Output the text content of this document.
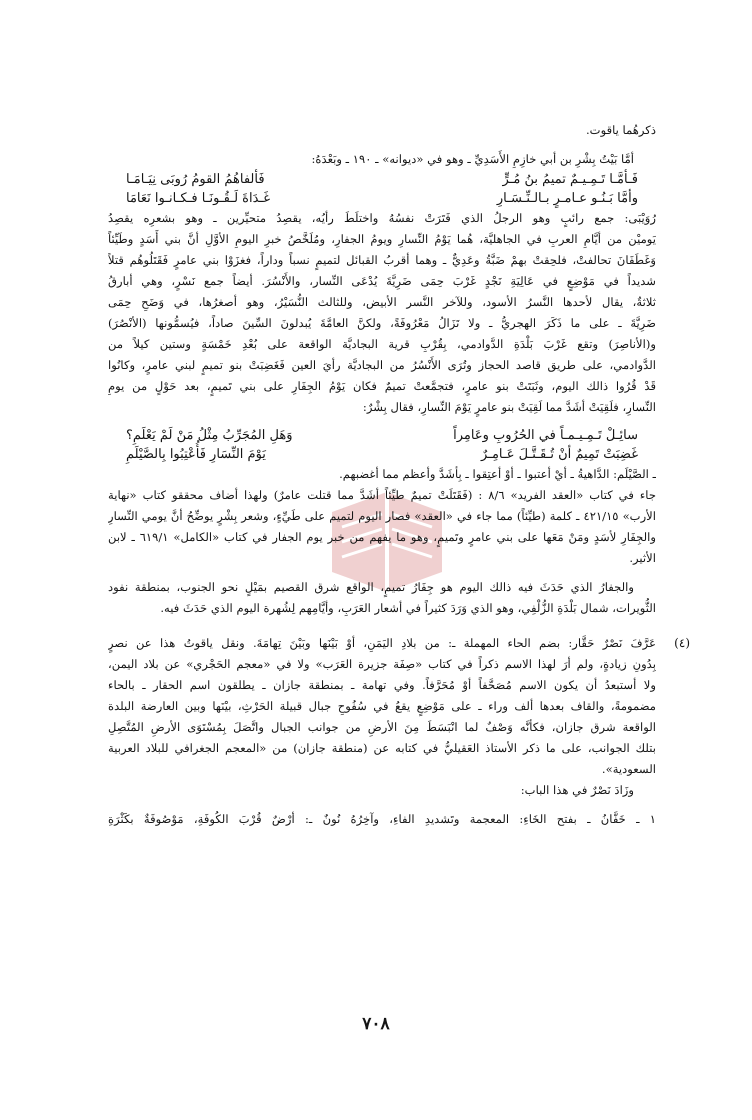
ذكرهُما ياقوت.
أمَّا بَيْتُ بِشْرِ بن أبي خازِمِ الأَسَدِيِّ ـ وهو في «ديوانه» ـ ١٩٠ ـ وبَعْدَهُ:
فَـأمَّـا تَـمِـيـمٌ تميمُ بنُ مُـرٍّ
فَألفاهُمُ القومُ رُوبَى نِيَـامَـا
وأمَّا بَـنُـو عـامـرٍ بـالـنِّـسَـارِ
غَـدَاةَ لَـقُـونَـا فـكـانـوا نَعَامَا
رُوَيْبَى: جمع رائبٍ وهو الرجلُ الذي فَتَرَتْ نفسُهُ واختلَطَ رأيُه، يقصِدُ متحيِّرين ـ وهو بشعرِه يقصِدُ
يَوميْن من أيَّامِ العربِ في الجاهليَّة، هُما يَوْمُ النِّسارِ ويومُ الجفارِ، ومُلَخَّصُ خبرِ اليومِ الأوَّلِ أنَّ بني أَسَدٍ وطَيِّئاً
وَغَطَفَانَ تحالفتْ، فلحِقتْ بهمْ ضَبَّةُ وعَدِيٌّ ـ وهما أقربُ القبائل لتميمٍ نسباً وداراً، فغزَوْا بني عامرٍ فَقَتَلُوهُم قتلاً
شديداً في مَوْضِعٍ في عَالِيَةِ نَجْدٍ غَرْبَ حِمَى ضَرِيَّةَ يُدْعَى النِّسار، والأَنْسُرَ. أيضاً جمع نَسْرٍ، وهي أبارقُ
ثلاثةٌ، يقال لأحدها النَّسرُ الأسود، وللآخر النَّسر الأبيض، وللثالث النُّسَيْرُ، وهو أصغرُها، في وَضَحِ حِمَى
ضَرِيَّةَ ـ على ما ذَكَرَ الهجريُّ ـ ولا تَزَالُ مَعْرُوفَةً، ولكنَّ العامَّةَ يُبدلونَ السِّينَ صاداً، فيُسمُّونها (الأنْصُرَ)
و(الأناصِرَ) وتقع غَرْبَ بَلْدَةِ الدَّوادمي، بِقُرْبِ قرية البجاديَّة الواقعة على بُعْدِ خَمْسَةٍ وستين كيلاً من
الدَّوادمي، على طريق قاصد الحجاز وتُرَى الأَنْسُرُ من البجاديَّة رأيَ العين فَغَضِبَتْ بنو تميمٍ لبني عامرٍ، وكانُوا
قَدْ قُرُوا ذالك اليوم، وثَبَتَتْ بنو عامرٍ، فتجمَّعتْ تميمٌ فكان يَوْمُ الجِفَارِ على بني تَميمٍ، بعد حَوْلٍ من يومِ
النِّسارِ، فلَقِيَتْ أشَدَّ مما لَقِيَتْ بنو عامرٍ يَوْمَ النِّسارِ، فقال بِشْرٌ:
سائِـلْ تَـمِـيـمـاً في الحُرُوبِ وعَامِراً
وَهَلِ المُجَرِّبُ مِثْلُ مَنْ لَمْ يَعْلَمِ؟
غَضِبَتْ تَمِيمٌ أنْ تُـقَـتَّـلَ عَـامِـرٌ
يَوْمَ النِّسَارِ فَأُعْتِبُوا بِالصَّيْلَمِ
ـ الصَّيْلَم: الدَّاهيةُ ـ أيْ أعتبوا ـ أوْ أعتِقوا ـ بِأشَدَّ وأعظم مما أغضبهم.
جاء في كتاب «العقد الفريد» ٨/٦ : (فَقَتَلَتْ تميمٌ طيِّئاً أشَدَّ مما قتلت عامرٌ) ولهذا أضاف محققو كتاب «نهاية
الأرب» ٤٢١/١٥ ـ كلمة (طيِّئاً) مما جاء في «العقد» فصار اليوم لتميم على طَيِّءٍ، وشعر بِشْرٍ يوضِّحُ أنَّ يومي النِّسارِ
والجِفَارِ لأسَدٍ ومَنْ مَعَها على بني عامرٍ وتَميمٍ، وهو ما يفهم من خبر يوم الجفار في كتاب «الكامل» ٦١٩/١ ـ لابن
الأثير.
والجفارُ الذي حَدَثَ فيه ذالك اليوم هو جِفَارُ تميمٍ، الواقع شرق القصيم بمَيْلٍ نحو الجنوب، بمنطقة نفود
الثُّويرات، شمال بَلْدَةِ الزُّلْفِي، وهو الذي وَرَدَ كثيراً في أشعار العَرَبِ، وأيَّامِهم لِشُهرة اليوم الذي حَدَثَ فيه.
(٤)
عَرَّفَ نَصْرٌ حَقَّار: بضم الحاء المهملة ـ: من بلادِ اليَمَنِ، أوْ بَيْنَها وبَيْنَ تِهامَةَ. ونقل ياقوتُ هذا عن نصرٍ
بِدُونِ زيادةٍ، ولم أرَ لهذا الاسم ذكراً في كتاب «صِفَة جزيرة العَرَب» ولا في «معجم الحَجْري» عن بلاد اليمن،
ولا أستبعدُ أن يكون الاسم مُصَحَّفاً أوْ مُحَرَّفاً. وفي تهامة ـ بمنطقة جازان ـ يطلقون اسم الحقار ـ بالحاء
مضمومةً، والقاف بعدها ألف وراء ـ على مَوْضِعٍ يقعُ في سُفُوحِ جبال قبيلة الحَرْثِ، بيْنَها وبين العارضة البلدة
الواقعة شرق جازان، فكأنَّه وَصْفٌ لما انْبَسَطَ مِنَ الأرضِ من جوانب الجبال واتَّصَلَ بِمُسْتَوَى الأرضِ المُتَّصِلِ
بتلك الجوانب، على ما ذكر الأستاذ العَقيليُّ في كتابه عن (منطقة جازان) من «المعجم الجغرافي للبلاد العربية
السعودية».
وزَادَ نَصْرٌ في هذا الباب:
١ ـ خَفَّانُ ـ بفتح الخَاءِ: المعجمة وتَشديدِ الفاءِ، وآخِرُهُ نُونٌ ـ: أرْضٌ قُرْبَ الكُوفَةِ، مَوْصُوفَةٌ بكَثْرَةِ
٧٠٨
